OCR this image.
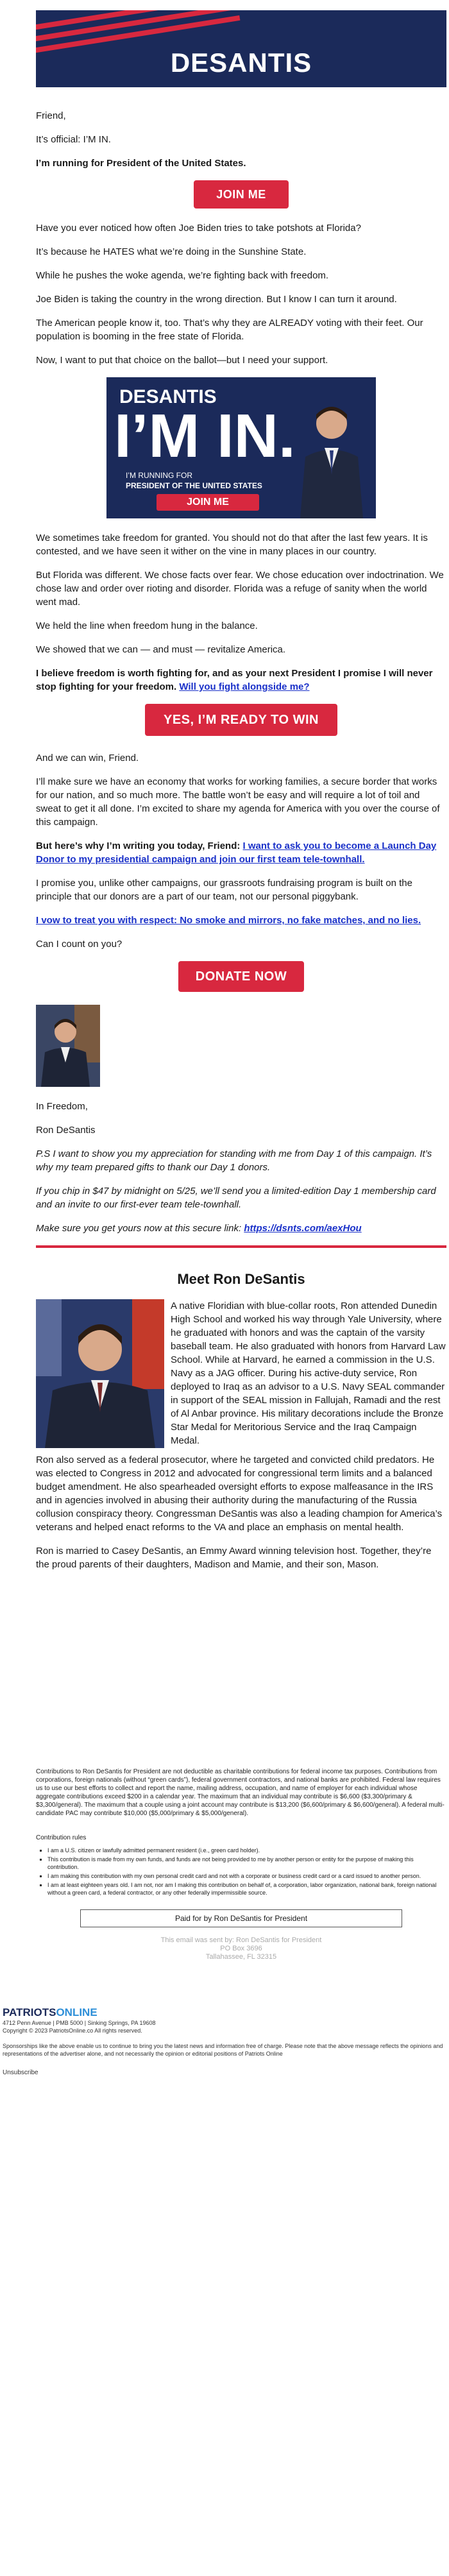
DESANTIS

Friend,

It’s official: I’M IN.

I’m running for President of the United States.

JOIN ME

Have you ever noticed how often Joe Biden tries to take potshots at Florida?

It’s because he HATES what we’re doing in the Sunshine State.

While he pushes the woke agenda, we’re fighting back with freedom.

Joe Biden is taking the country in the wrong direction. But I know I can turn it around.

The American people know it, too. That’s why they are ALREADY voting with their feet. Our population is booming in the free state of Florida.

Now, I want to put that choice on the ballot—but I need your support.

DESANTIS
I’M IN.
I’M RUNNING FOR
PRESIDENT OF THE UNITED STATES
JOIN ME

We sometimes take freedom for granted. You should not do that after the last few years. It is contested, and we have seen it wither on the vine in many places in our country.

But Florida was different. We chose facts over fear. We chose education over indoctrination. We chose law and order over rioting and disorder. Florida was a refuge of sanity when the world went mad.

We held the line when freedom hung in the balance.

We showed that we can — and must — revitalize America.

I believe freedom is worth fighting for, and as your next President I promise I will never stop fighting for your freedom. Will you fight alongside me?

YES, I’M READY TO WIN

And we can win, Friend.

I’ll make sure we have an economy that works for working families, a secure border that works for our nation, and so much more. The battle won’t be easy and will require a lot of toil and sweat to get it all done. I’m excited to share my agenda for America with you over the course of this campaign.

But here’s why I’m writing you today, Friend: I want to ask you to become a Launch Day Donor to my presidential campaign and join our first team tele-townhall.

I promise you, unlike other campaigns, our grassroots fundraising program is built on the principle that our donors are a part of our team, not our personal piggybank.

I vow to treat you with respect: No smoke and mirrors, no fake matches, and no lies.

Can I count on you?

DONATE NOW

In Freedom,

Ron DeSantis

P.S I want to show you my appreciation for standing with me from Day 1 of this campaign. It’s why my team prepared gifts to thank our Day 1 donors.

If you chip in $47 by midnight on 5/25, we’ll send you a limited-edition Day 1 membership card and an invite to our first-ever team tele-townhall.

Make sure you get yours now at this secure link: https://dsnts.com/aexHou

Meet Ron DeSantis

A native Floridian with blue-collar roots, Ron attended Dunedin High School and worked his way through Yale University, where he graduated with honors and was the captain of the varsity baseball team. He also graduated with honors from Harvard Law School. While at Harvard, he earned a commission in the U.S. Navy as a JAG officer. During his active-duty service, Ron deployed to Iraq as an advisor to a U.S. Navy SEAL commander in support of the SEAL mission in Fallujah, Ramadi and the rest of Al Anbar province. His military decorations include the Bronze Star Medal for Meritorious Service and the Iraq Campaign Medal.

Ron also served as a federal prosecutor, where he targeted and convicted child predators. He was elected to Congress in 2012 and advocated for congressional term limits and a balanced budget amendment. He also spearheaded oversight efforts to expose malfeasance in the IRS and in agencies involved in abusing their authority during the manufacturing of the Russia collusion conspiracy theory. Congressman DeSantis was also a leading champion for America’s veterans and helped enact reforms to the VA and place an emphasis on mental health.

Ron is married to Casey DeSantis, an Emmy Award winning television host. Together, they’re the proud parents of their daughters, Madison and Mamie, and their son, Mason.

Contributions to Ron DeSantis for President are not deductible as charitable contributions for federal income tax purposes. Contributions from corporations, foreign nationals (without “green cards”), federal government contractors, and national banks are prohibited. Federal law requires us to use our best efforts to collect and report the name, mailing address, occupation, and name of employer for each individual whose aggregate contributions exceed $200 in a calendar year. The maximum that an individual may contribute is $6,600 ($3,300/primary & $3,300/general). The maximum that a couple using a joint account may contribute is $13,200 ($6,600/primary & $6,600/general). A federal multi-candidate PAC may contribute $10,000 ($5,000/primary & $5,000/general).

Contribution rules
▪ I am a U.S. citizen or lawfully admitted permanent resident (i.e., green card holder).
▪ This contribution is made from my own funds, and funds are not being provided to me by another person or entity for the purpose of making this contribution.
▪ I am making this contribution with my own personal credit card and not with a corporate or business credit card or a card issued to another person.
▪ I am at least eighteen years old. I am not, nor am I making this contribution on behalf of, a corporation, labor organization, national bank, foreign national without a green card, a federal contractor, or any other federally impermissible source.
Paid for by Ron DeSantis for President
This email was sent by: Ron DeSantis for President
PO Box 3696
Tallahassee, FL 32315
PATRIOTSONLINE
4712 Penn Avenue | PMB 5000 | Sinking Springs, PA 19608
Copyright © 2023 PatriotsOnline.co All rights reserved.
Sponsorships like the above enable us to continue to bring you the latest news and information free of charge. Please note that the above message reflects the opinions and representations of the advertiser alone, and not necessarily the opinion or editorial positions of Patriots Online
Unsubscribe
